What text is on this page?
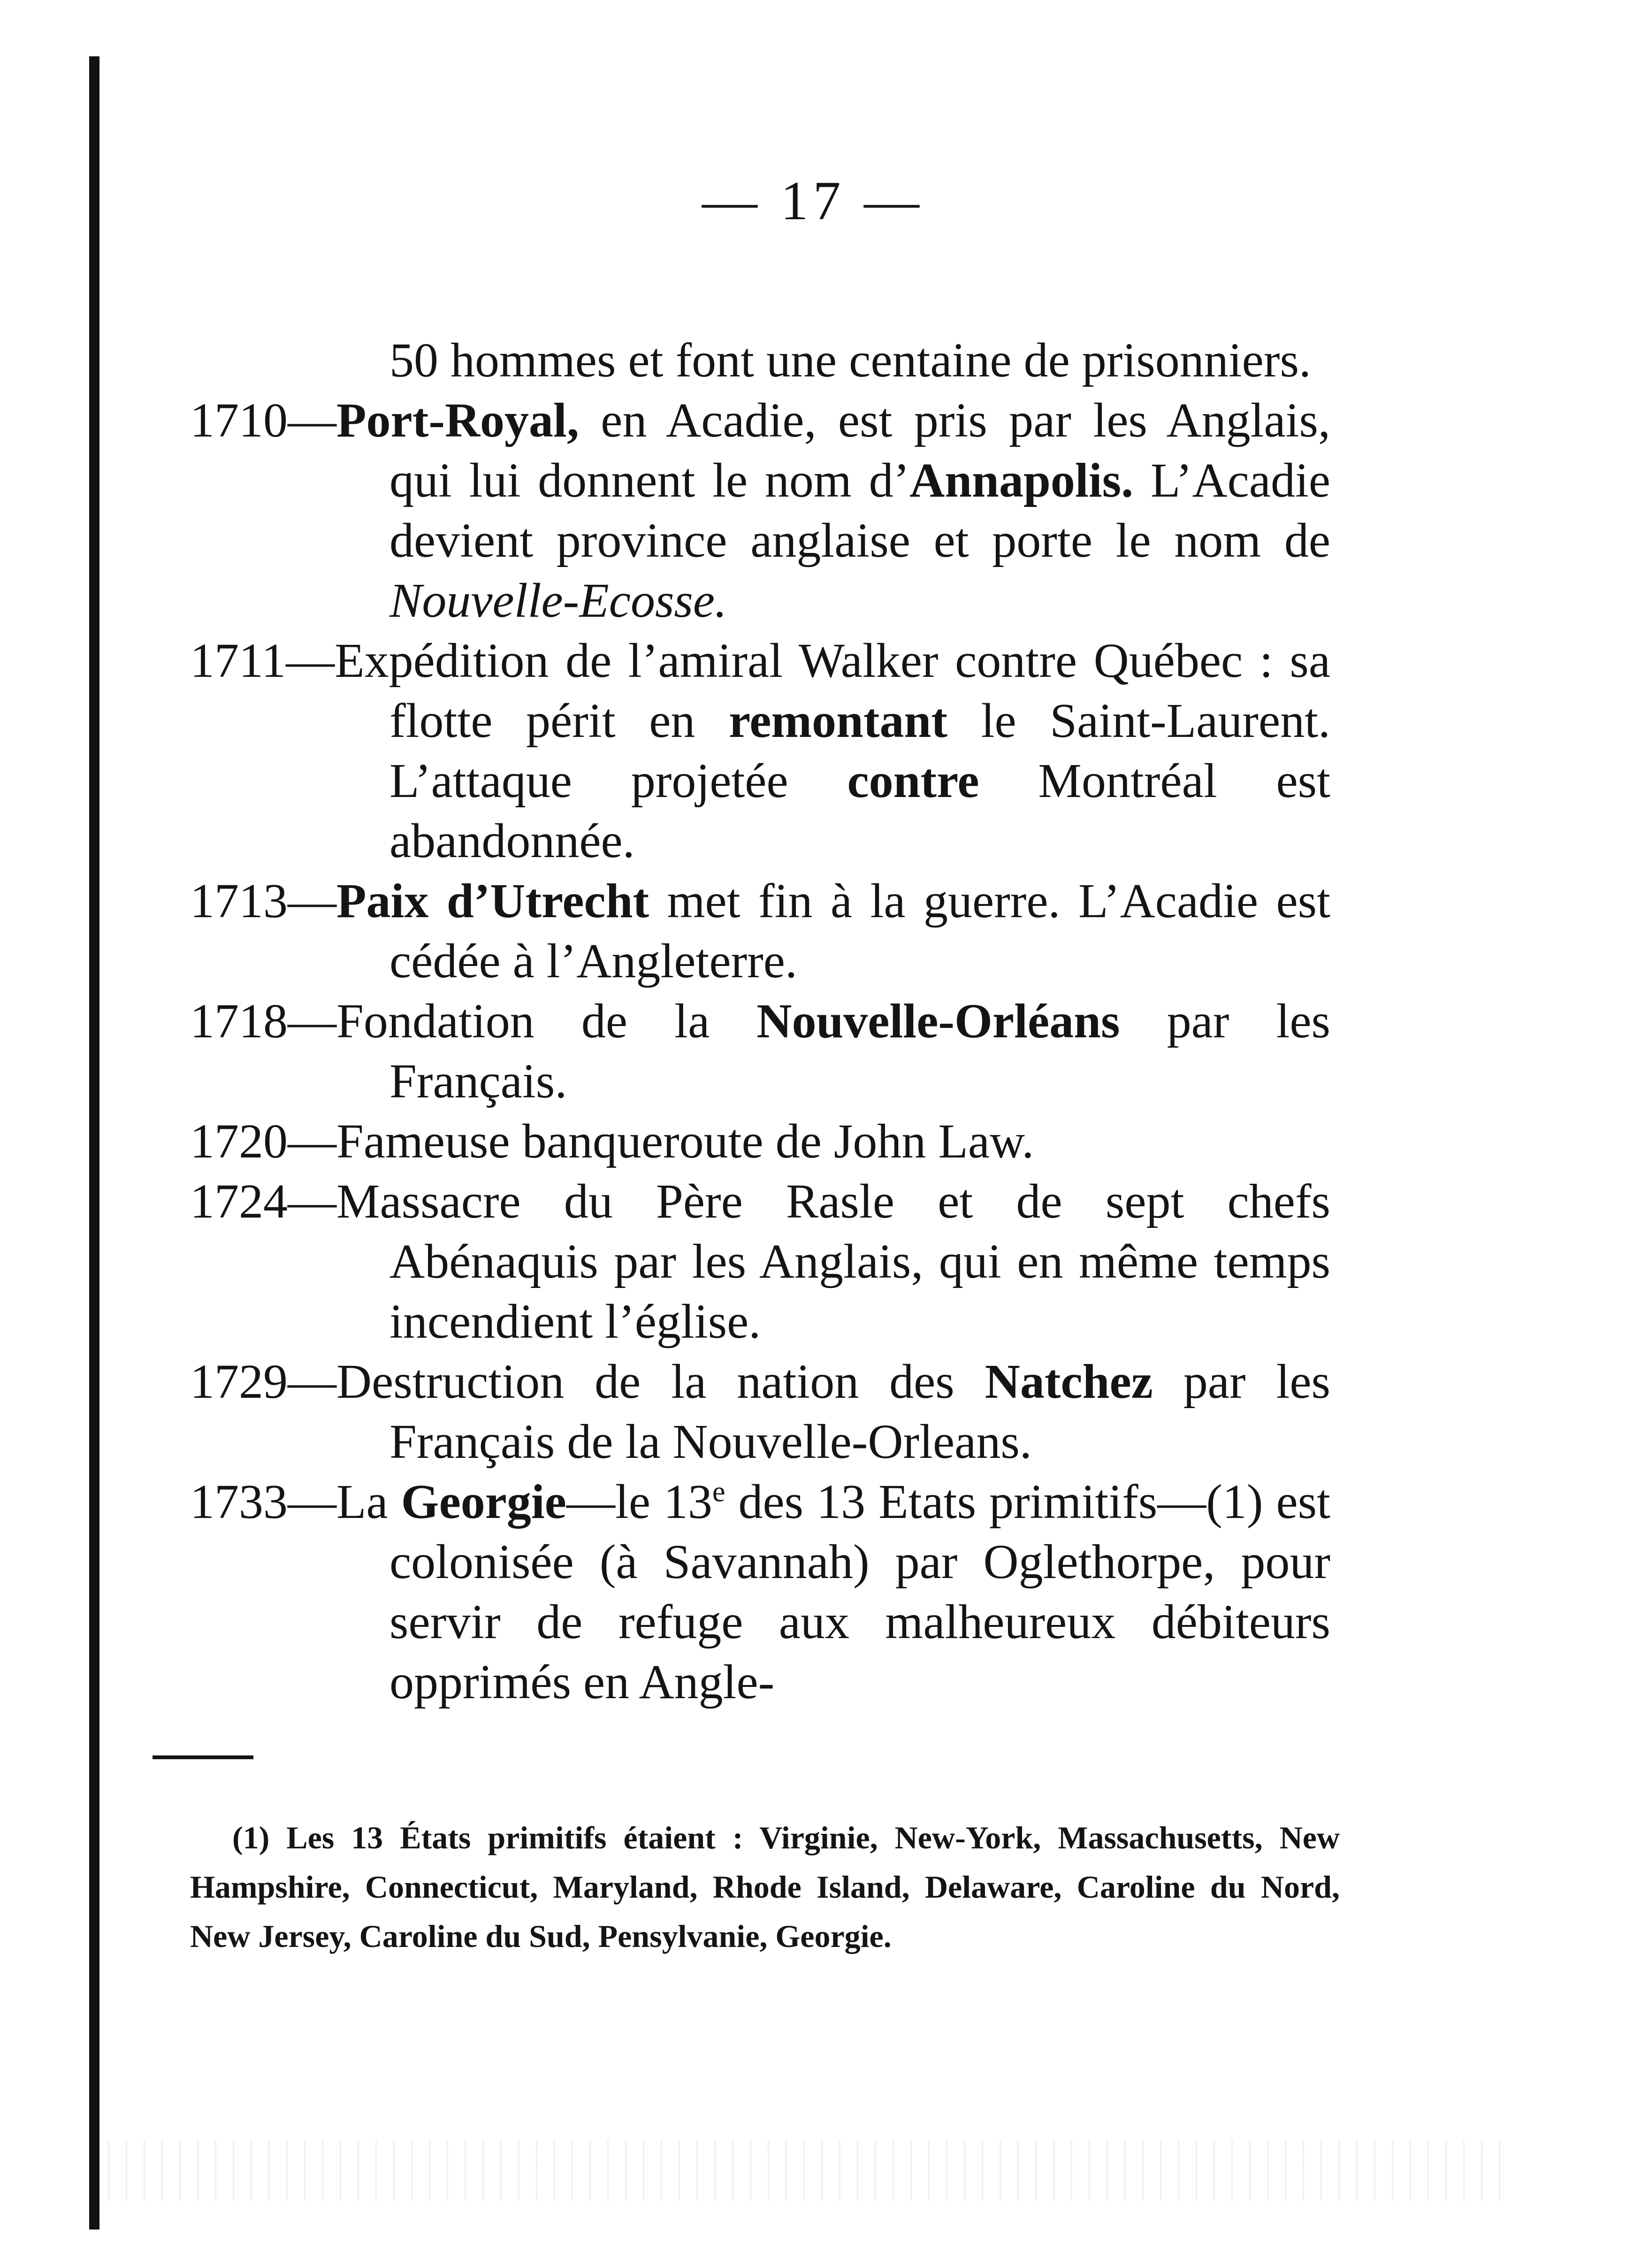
— 17 —

50 hommes et font une centaine de prisonniers.

1710—Port-Royal, en Acadie, est pris par les Anglais, qui lui donnent le nom d’Annapolis. L’Acadie devient province anglaise et porte le nom de Nouvelle-Ecosse.

1711—Expédition de l’amiral Walker contre Québec : sa flotte périt en remontant le Saint-Laurent. L’attaque projetée contre Montréal est abandonnée.

1713—Paix d’Utrecht met fin à la guerre. L’Acadie est cédée à l’Angleterre.

1718—Fondation de la Nouvelle-Orléans par les Français.

1720—Fameuse banqueroute de John Law.

1724—Massacre du Père Rasle et de sept chefs Abénaquis par les Anglais, qui en même temps incendient l’église.

1729—Destruction de la nation des Natchez par les Français de la Nouvelle-Orleans.

1733—La Georgie—le 13e des 13 Etats primitifs—(1) est colonisée (à Savannah) par Oglethorpe, pour servir de refuge aux malheureux débiteurs opprimés en Angle-

(1) Les 13 États primitifs étaient : Virginie, New-York, Massachusetts, New Hampshire, Connecticut, Maryland, Rhode Island, Delaware, Caroline du Nord, New Jersey, Caroline du Sud, Pensylvanie, Georgie.
